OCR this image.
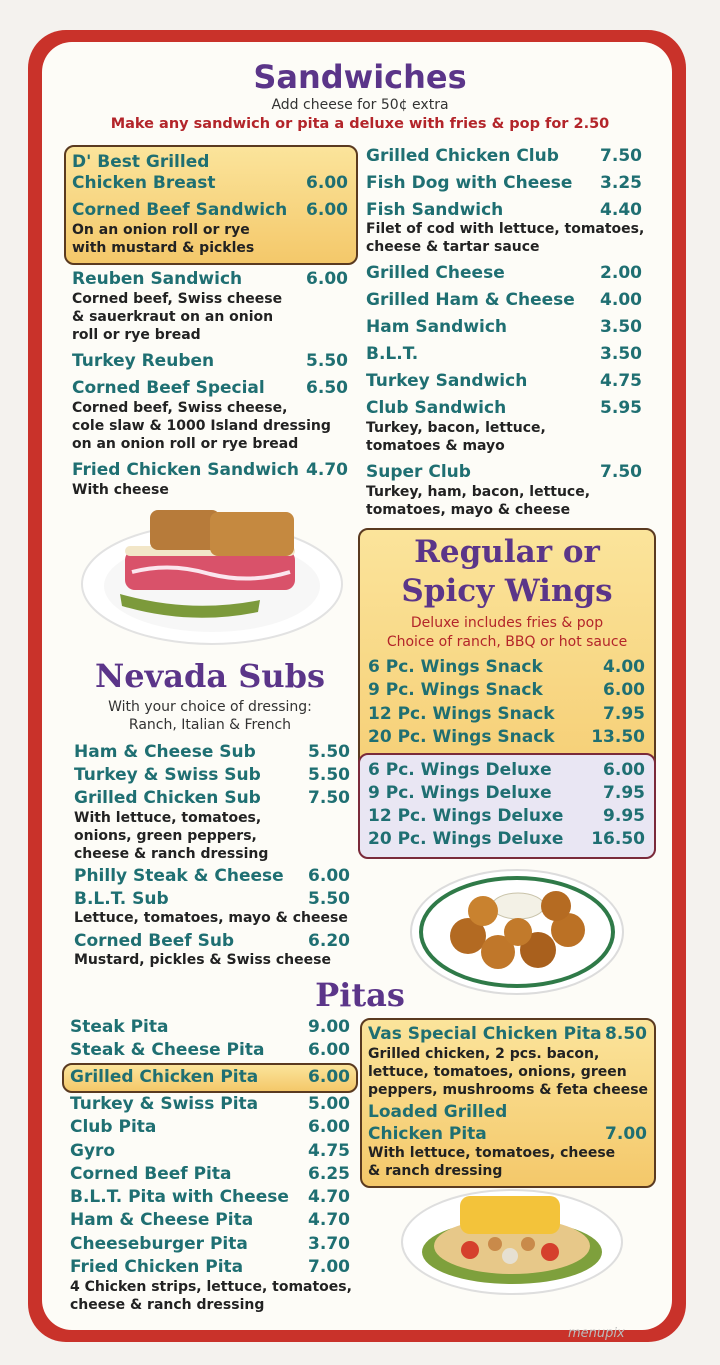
Sandwiches
Add cheese for 50¢ extra
Make any sandwich or pita a deluxe with fries & pop for 2.50
D' Best Grilled
Chicken Breast	6.00
Corned Beef Sandwich	6.00
On an onion roll or rye
with mustard & pickles
Reuben Sandwich	6.00
Corned beef, Swiss cheese
& sauerkraut on an onion
roll or rye bread
Turkey Reuben	5.50
Corned Beef Special	6.50
Corned beef, Swiss cheese,
cole slaw & 1000 Island dressing
on an onion roll or rye bread
Fried Chicken Sandwich 4.70
With cheese
Grilled Chicken Club	7.50
Fish Dog with Cheese	3.25
Fish Sandwich	4.40
Filet of cod with lettuce, tomatoes,
cheese & tartar sauce
Grilled Cheese	2.00
Grilled Ham & Cheese	4.00
Ham Sandwich	3.50
B.L.T.	3.50
Turkey Sandwich	4.75
Club Sandwich	5.95
Turkey, bacon, lettuce,
tomatoes & mayo
Super Club	7.50
Turkey, ham, bacon, lettuce,
tomatoes, mayo & cheese
Regular or
Spicy Wings
Deluxe includes fries & pop
Choice of ranch, BBQ or hot sauce
6 Pc. Wings Snack	4.00
9 Pc. Wings Snack	6.00
12 Pc. Wings Snack	7.95
20 Pc. Wings Snack	13.50
6 Pc. Wings Deluxe	6.00
9 Pc. Wings Deluxe	7.95
12 Pc. Wings Deluxe	9.95
20 Pc. Wings Deluxe	16.50
Nevada Subs
With your choice of dressing:
Ranch, Italian & French
Ham & Cheese Sub	5.50
Turkey & Swiss Sub	5.50
Grilled Chicken Sub	7.50
With lettuce, tomatoes,
onions, green peppers,
cheese & ranch dressing
Philly Steak & Cheese	6.00
B.L.T. Sub	5.50
Lettuce, tomatoes, mayo & cheese
Corned Beef Sub	6.20
Mustard, pickles & Swiss cheese
Pitas
Steak Pita	9.00
Steak & Cheese Pita	6.00
Grilled Chicken Pita	6.00
Turkey & Swiss Pita	5.00
Club Pita	6.00
Gyro	4.75
Corned Beef Pita	6.25
B.L.T. Pita with Cheese	4.70
Ham & Cheese Pita	4.70
Cheeseburger Pita	3.70
Fried Chicken Pita	7.00
4 Chicken strips, lettuce, tomatoes,
cheese & ranch dressing
Vas Special Chicken Pita 8.50
Grilled chicken, 2 pcs. bacon,
lettuce, tomatoes, onions, green
peppers, mushrooms & feta cheese
Loaded Grilled
Chicken Pita	7.00
With lettuce, tomatoes, cheese
& ranch dressing
menupix
